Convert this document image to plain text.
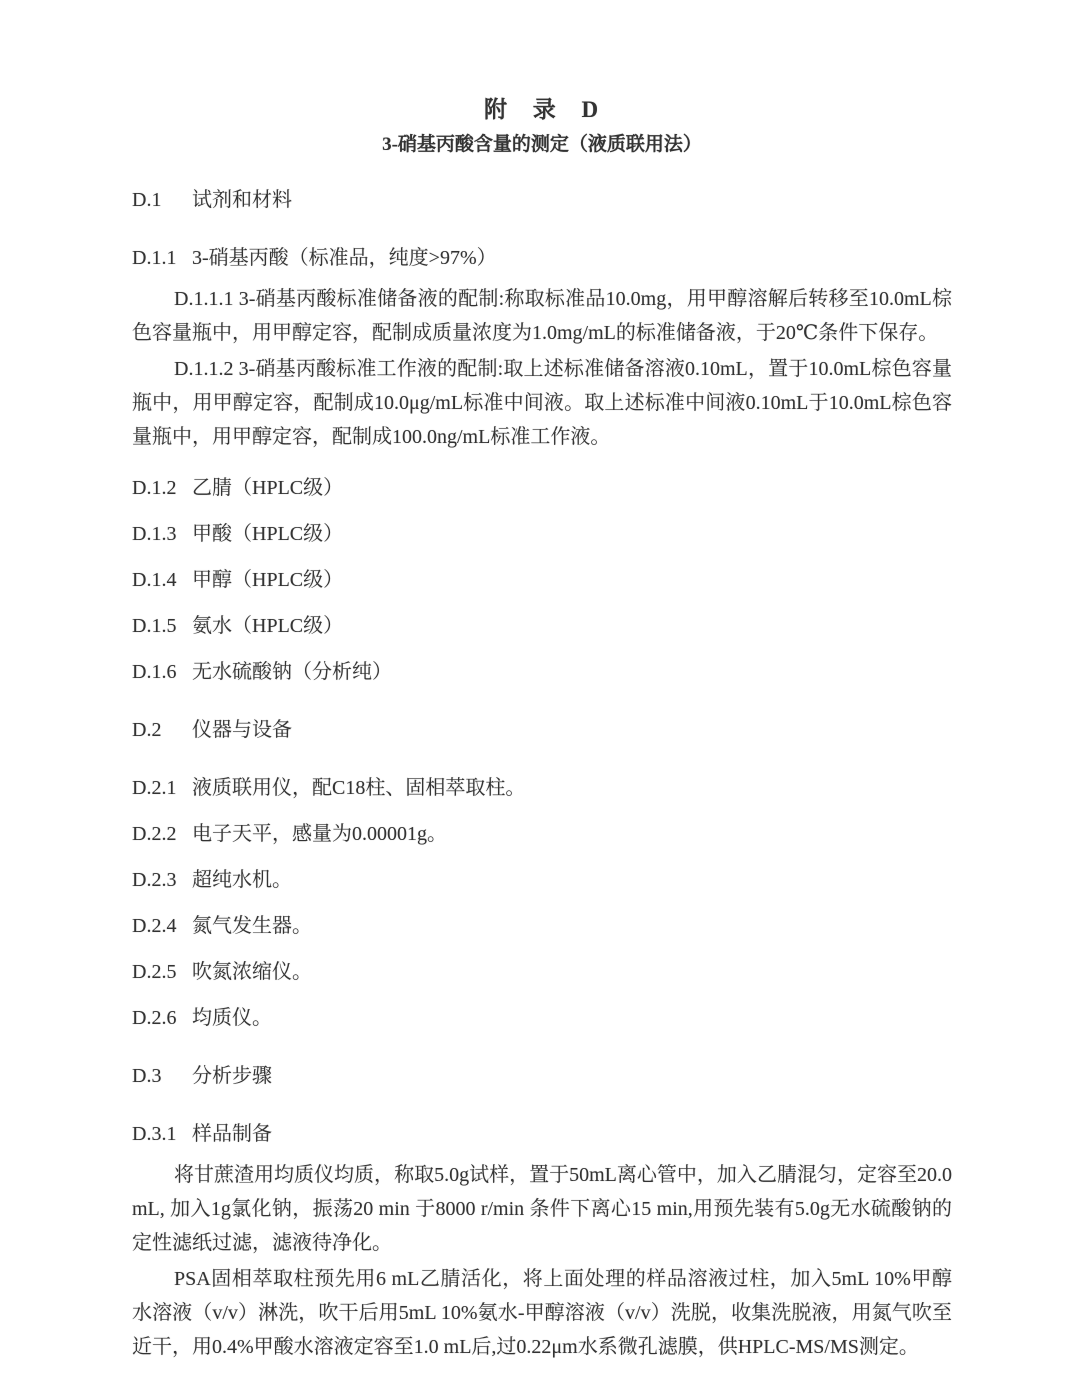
附 录 D
3-硝基丙酸含量的测定（液质联用法）
D.1 试剂和材料
D.1.1 3-硝基丙酸（标准品，纯度>97%）

D.1.1.1 3-硝基丙酸标准储备液的配制:称取标准品10.0mg，用甲醇溶解后转移至10.0mL棕色容量瓶中，用甲醇定容，配制成质量浓度为1.0mg/mL的标准储备液，于20℃条件下保存。

D.1.1.2 3-硝基丙酸标准工作液的配制:取上述标准储备溶液0.10mL，置于10.0mL棕色容量瓶中，用甲醇定容，配制成10.0μg/mL标准中间液。取上述标准中间液0.10mL于10.0mL棕色容量瓶中，用甲醇定容，配制成100.0ng/mL标准工作液。

D.1.2 乙腈（HPLC级）
D.1.3 甲酸（HPLC级）
D.1.4 甲醇（HPLC级）
D.1.5 氨水（HPLC级）
D.1.6 无水硫酸钠（分析纯）
D.2 仪器与设备
D.2.1 液质联用仪，配C18柱、固相萃取柱。
D.2.2 电子天平，感量为0.00001g。
D.2.3 超纯水机。
D.2.4 氮气发生器。
D.2.5 吹氮浓缩仪。
D.2.6 均质仪。
D.3 分析步骤
D.3.1 样品制备

将甘蔗渣用均质仪均质，称取5.0g试样，置于50mL离心管中，加入乙腈混匀，定容至20.0 mL, 加入1g氯化钠，振荡20 min 于8000 r/min 条件下离心15 min,用预先装有5.0g无水硫酸钠的定性滤纸过滤，滤液待净化。

PSA固相萃取柱预先用6 mL乙腈活化，将上面处理的样品溶液过柱，加入5mL 10%甲醇水溶液（v/v）淋洗，吹干后用5mL 10%氨水-甲醇溶液（v/v）洗脱，收集洗脱液，用氮气吹至近干，用0.4%甲酸水溶液定容至1.0 mL后,过0.22μm水系微孔滤膜，供HPLC-MS/MS测定。
